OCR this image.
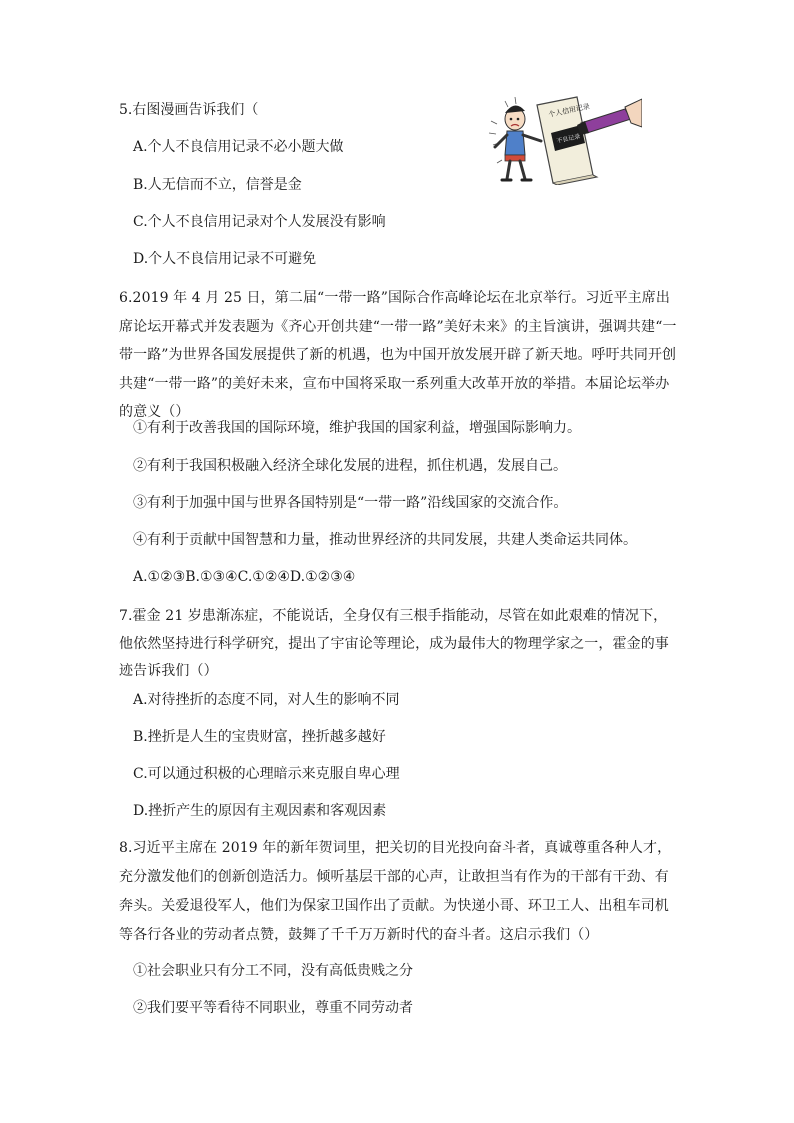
5.右图漫画告诉我们（
A.个人不良信用记录不必小题大做
B.人无信而不立，信誉是金
C.个人不良信用记录对个人发展没有影响
D.个人不良信用记录不可避免
个人信用记录
不良记录
6.2019 年 4 月 25 日，第二届“一带一路”国际合作高峰论坛在北京举行。习近平主席出席论坛开幕式并发表题为《齐心开创共建“一带一路”美好未来》的主旨演讲，强调共建“一带一路”为世界各国发展提供了新的机遇，也为中国开放发展开辟了新天地。呼吁共同开创共建“一带一路”的美好未来，宣布中国将采取一系列重大改革开放的举措。本届论坛举办的意义（）
①有利于改善我国的国际环境，维护我国的国家利益，增强国际影响力。
②有利于我国积极融入经济全球化发展的进程，抓住机遇，发展自己。
③有利于加强中国与世界各国特别是“一带一路”沿线国家的交流合作。
④有利于贡献中国智慧和力量，推动世界经济的共同发展，共建人类命运共同体。
A.①②③B.①③④C.①②④D.①②③④
7.霍金 21 岁患渐冻症，不能说话，全身仅有三根手指能动，尽管在如此艰难的情况下，他依然坚持进行科学研究，提出了宇宙论等理论，成为最伟大的物理学家之一，霍金的事迹告诉我们（）
A.对待挫折的态度不同，对人生的影响不同
B.挫折是人生的宝贵财富，挫折越多越好
C.可以通过积极的心理暗示来克服自卑心理
D.挫折产生的原因有主观因素和客观因素
8.习近平主席在 2019 年的新年贺词里，把关切的目光投向奋斗者，真诚尊重各种人才，充分激发他们的创新创造活力。倾听基层干部的心声，让敢担当有作为的干部有干劲、有奔头。关爱退役军人，他们为保家卫国作出了贡献。为快递小哥、环卫工人、出租车司机等各行各业的劳动者点赞，鼓舞了千千万万新时代的奋斗者。这启示我们（）
①社会职业只有分工不同，没有高低贵贱之分
②我们要平等看待不同职业，尊重不同劳动者
